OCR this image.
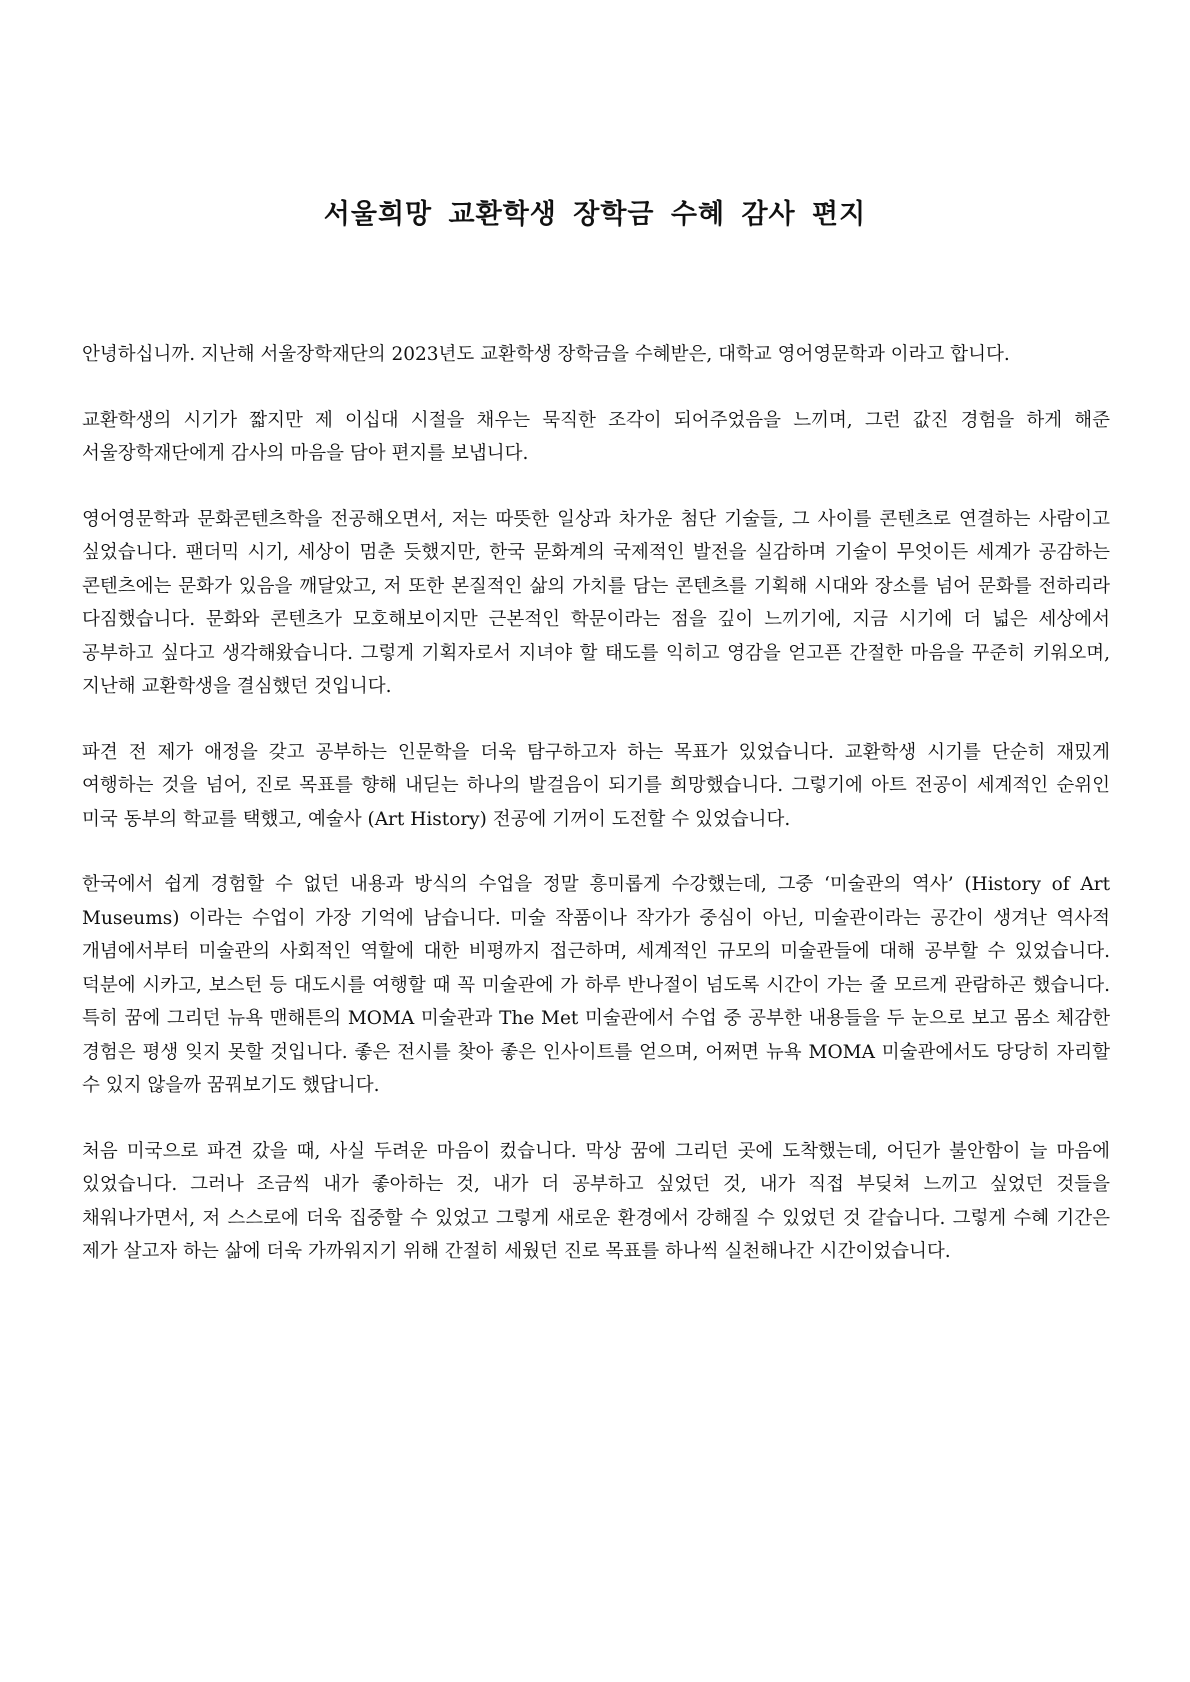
서울희망 교환학생 장학금 수혜 감사 편지

안녕하십니까. 지난해 서울장학재단의 2023년도 교환학생 장학금을 수혜받은, 대학교 영어영문학과 이라고 합니다.

교환학생의 시기가 짧지만 제 이십대 시절을 채우는 묵직한 조각이 되어주었음을 느끼며, 그런 값진 경험을 하게 해준 서울장학재단에게 감사의 마음을 담아 편지를 보냅니다.

영어영문학과 문화콘텐츠학을 전공해오면서, 저는 따뜻한 일상과 차가운 첨단 기술들, 그 사이를 콘텐츠로 연결하는 사람이고 싶었습니다. 팬더믹 시기, 세상이 멈춘 듯했지만, 한국 문화계의 국제적인 발전을 실감하며 기술이 무엇이든 세계가 공감하는 콘텐츠에는 문화가 있음을 깨달았고, 저 또한 본질적인 삶의 가치를 담는 콘텐츠를 기획해 시대와 장소를 넘어 문화를 전하리라 다짐했습니다. 문화와 콘텐츠가 모호해보이지만 근본적인 학문이라는 점을 깊이 느끼기에, 지금 시기에 더 넓은 세상에서 공부하고 싶다고 생각해왔습니다. 그렇게 기획자로서 지녀야 할 태도를 익히고 영감을 얻고픈 간절한 마음을 꾸준히 키워오며, 지난해 교환학생을 결심했던 것입니다.

파견 전 제가 애정을 갖고 공부하는 인문학을 더욱 탐구하고자 하는 목표가 있었습니다. 교환학생 시기를 단순히 재밌게 여행하는 것을 넘어, 진로 목표를 향해 내딛는 하나의 발걸음이 되기를 희망했습니다. 그렇기에 아트 전공이 세계적인 순위인 미국 동부의 학교를 택했고, 예술사 (Art History) 전공에 기꺼이 도전할 수 있었습니다.

한국에서 쉽게 경험할 수 없던 내용과 방식의 수업을 정말 흥미롭게 수강했는데, 그중 ‘미술관의 역사’ (History of Art Museums) 이라는 수업이 가장 기억에 남습니다. 미술 작품이나 작가가 중심이 아닌, 미술관이라는 공간이 생겨난 역사적 개념에서부터 미술관의 사회적인 역할에 대한 비평까지 접근하며, 세계적인 규모의 미술관들에 대해 공부할 수 있었습니다. 덕분에 시카고, 보스턴 등 대도시를 여행할 때 꼭 미술관에 가 하루 반나절이 넘도록 시간이 가는 줄 모르게 관람하곤 했습니다. 특히 꿈에 그리던 뉴욕 맨해튼의 MOMA 미술관과 The Met 미술관에서 수업 중 공부한 내용들을 두 눈으로 보고 몸소 체감한 경험은 평생 잊지 못할 것입니다. 좋은 전시를 찾아 좋은 인사이트를 얻으며, 어쩌면 뉴욕 MOMA 미술관에서도 당당히 자리할 수 있지 않을까 꿈꿔보기도 했답니다.

처음 미국으로 파견 갔을 때, 사실 두려운 마음이 컸습니다. 막상 꿈에 그리던 곳에 도착했는데, 어딘가 불안함이 늘 마음에 있었습니다. 그러나 조금씩 내가 좋아하는 것, 내가 더 공부하고 싶었던 것, 내가 직접 부딪쳐 느끼고 싶었던 것들을 채워나가면서, 저 스스로에 더욱 집중할 수 있었고 그렇게 새로운 환경에서 강해질 수 있었던 것 같습니다. 그렇게 수혜 기간은 제가 살고자 하는 삶에 더욱 가까워지기 위해 간절히 세웠던 진로 목표를 하나씩 실천해나간 시간이었습니다.
